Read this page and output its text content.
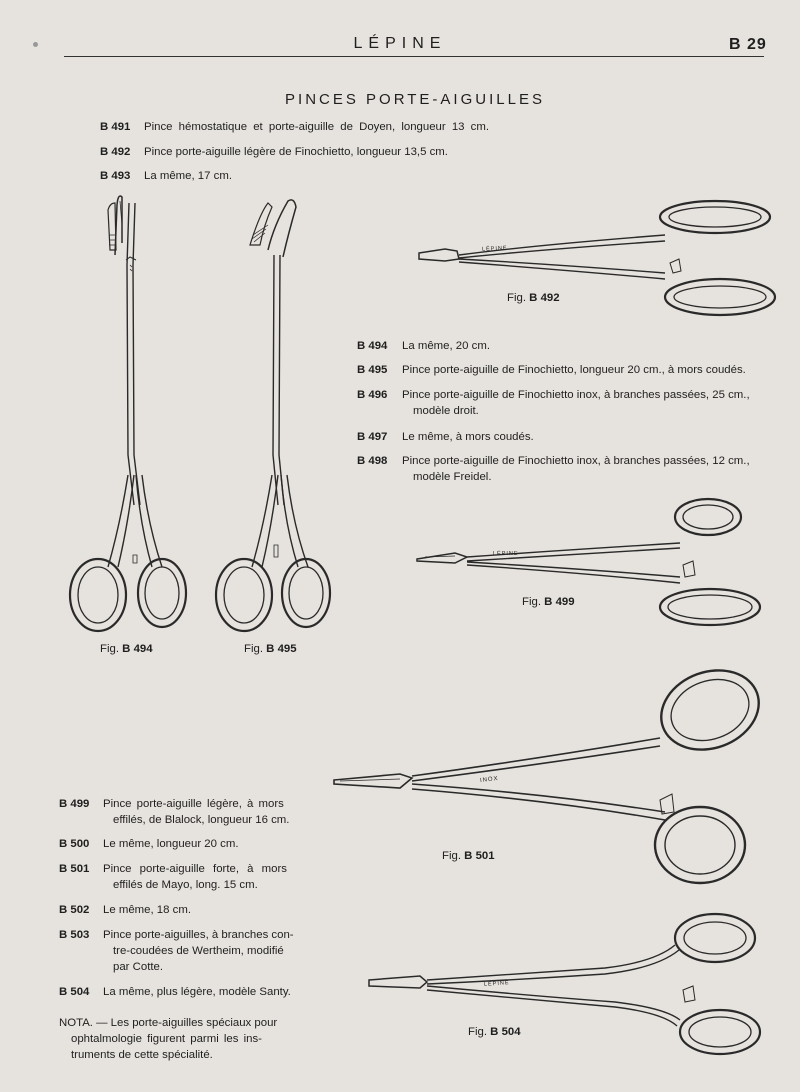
LÉPINE	B 29
PINCES PORTE-AIGUILLES
B 491 Pince hémostatique et porte-aiguille de Doyen, longueur 13 cm.
B 492 Pince porte-aiguille légère de Finochietto, longueur 13,5 cm.
B 493 La même, 17 cm.
B 494 La même, 20 cm.
B 495 Pince porte-aiguille de Finochietto, longueur 20 cm., à mors coudés.
B 496 Pince porte-aiguille de Finochietto inox, à branches passées, 25 cm.,
modèle droit.
B 497 Le même, à mors coudés.
B 498 Pince porte-aiguille de Finochietto inox, à branches passées, 12 cm.,
modèle Freidel.
B 499 Pince porte-aiguille légère, à mors
effilés, de Blalock, longueur 16 cm.
B 500 Le même, longueur 20 cm.
B 501 Pince porte-aiguille forte, à mors
effilés de Mayo, long. 15 cm.
B 502 Le même, 18 cm.
B 503 Pince porte-aiguilles, à branches con-
tre-coudées de Wertheim, modifié
par Cotte.
B 504 La même, plus légère, modèle Santy.
NOTA. — Les porte-aiguilles spéciaux pour
ophtalmologie figurent parmi les ins-
truments de cette spécialité.
LÉPINE
LÉPINE
INOX
LÉPINE
Fig. B 492
Fig. B 494	Fig. B 495
Fig. B 499
Fig. B 501
Fig. B 504
